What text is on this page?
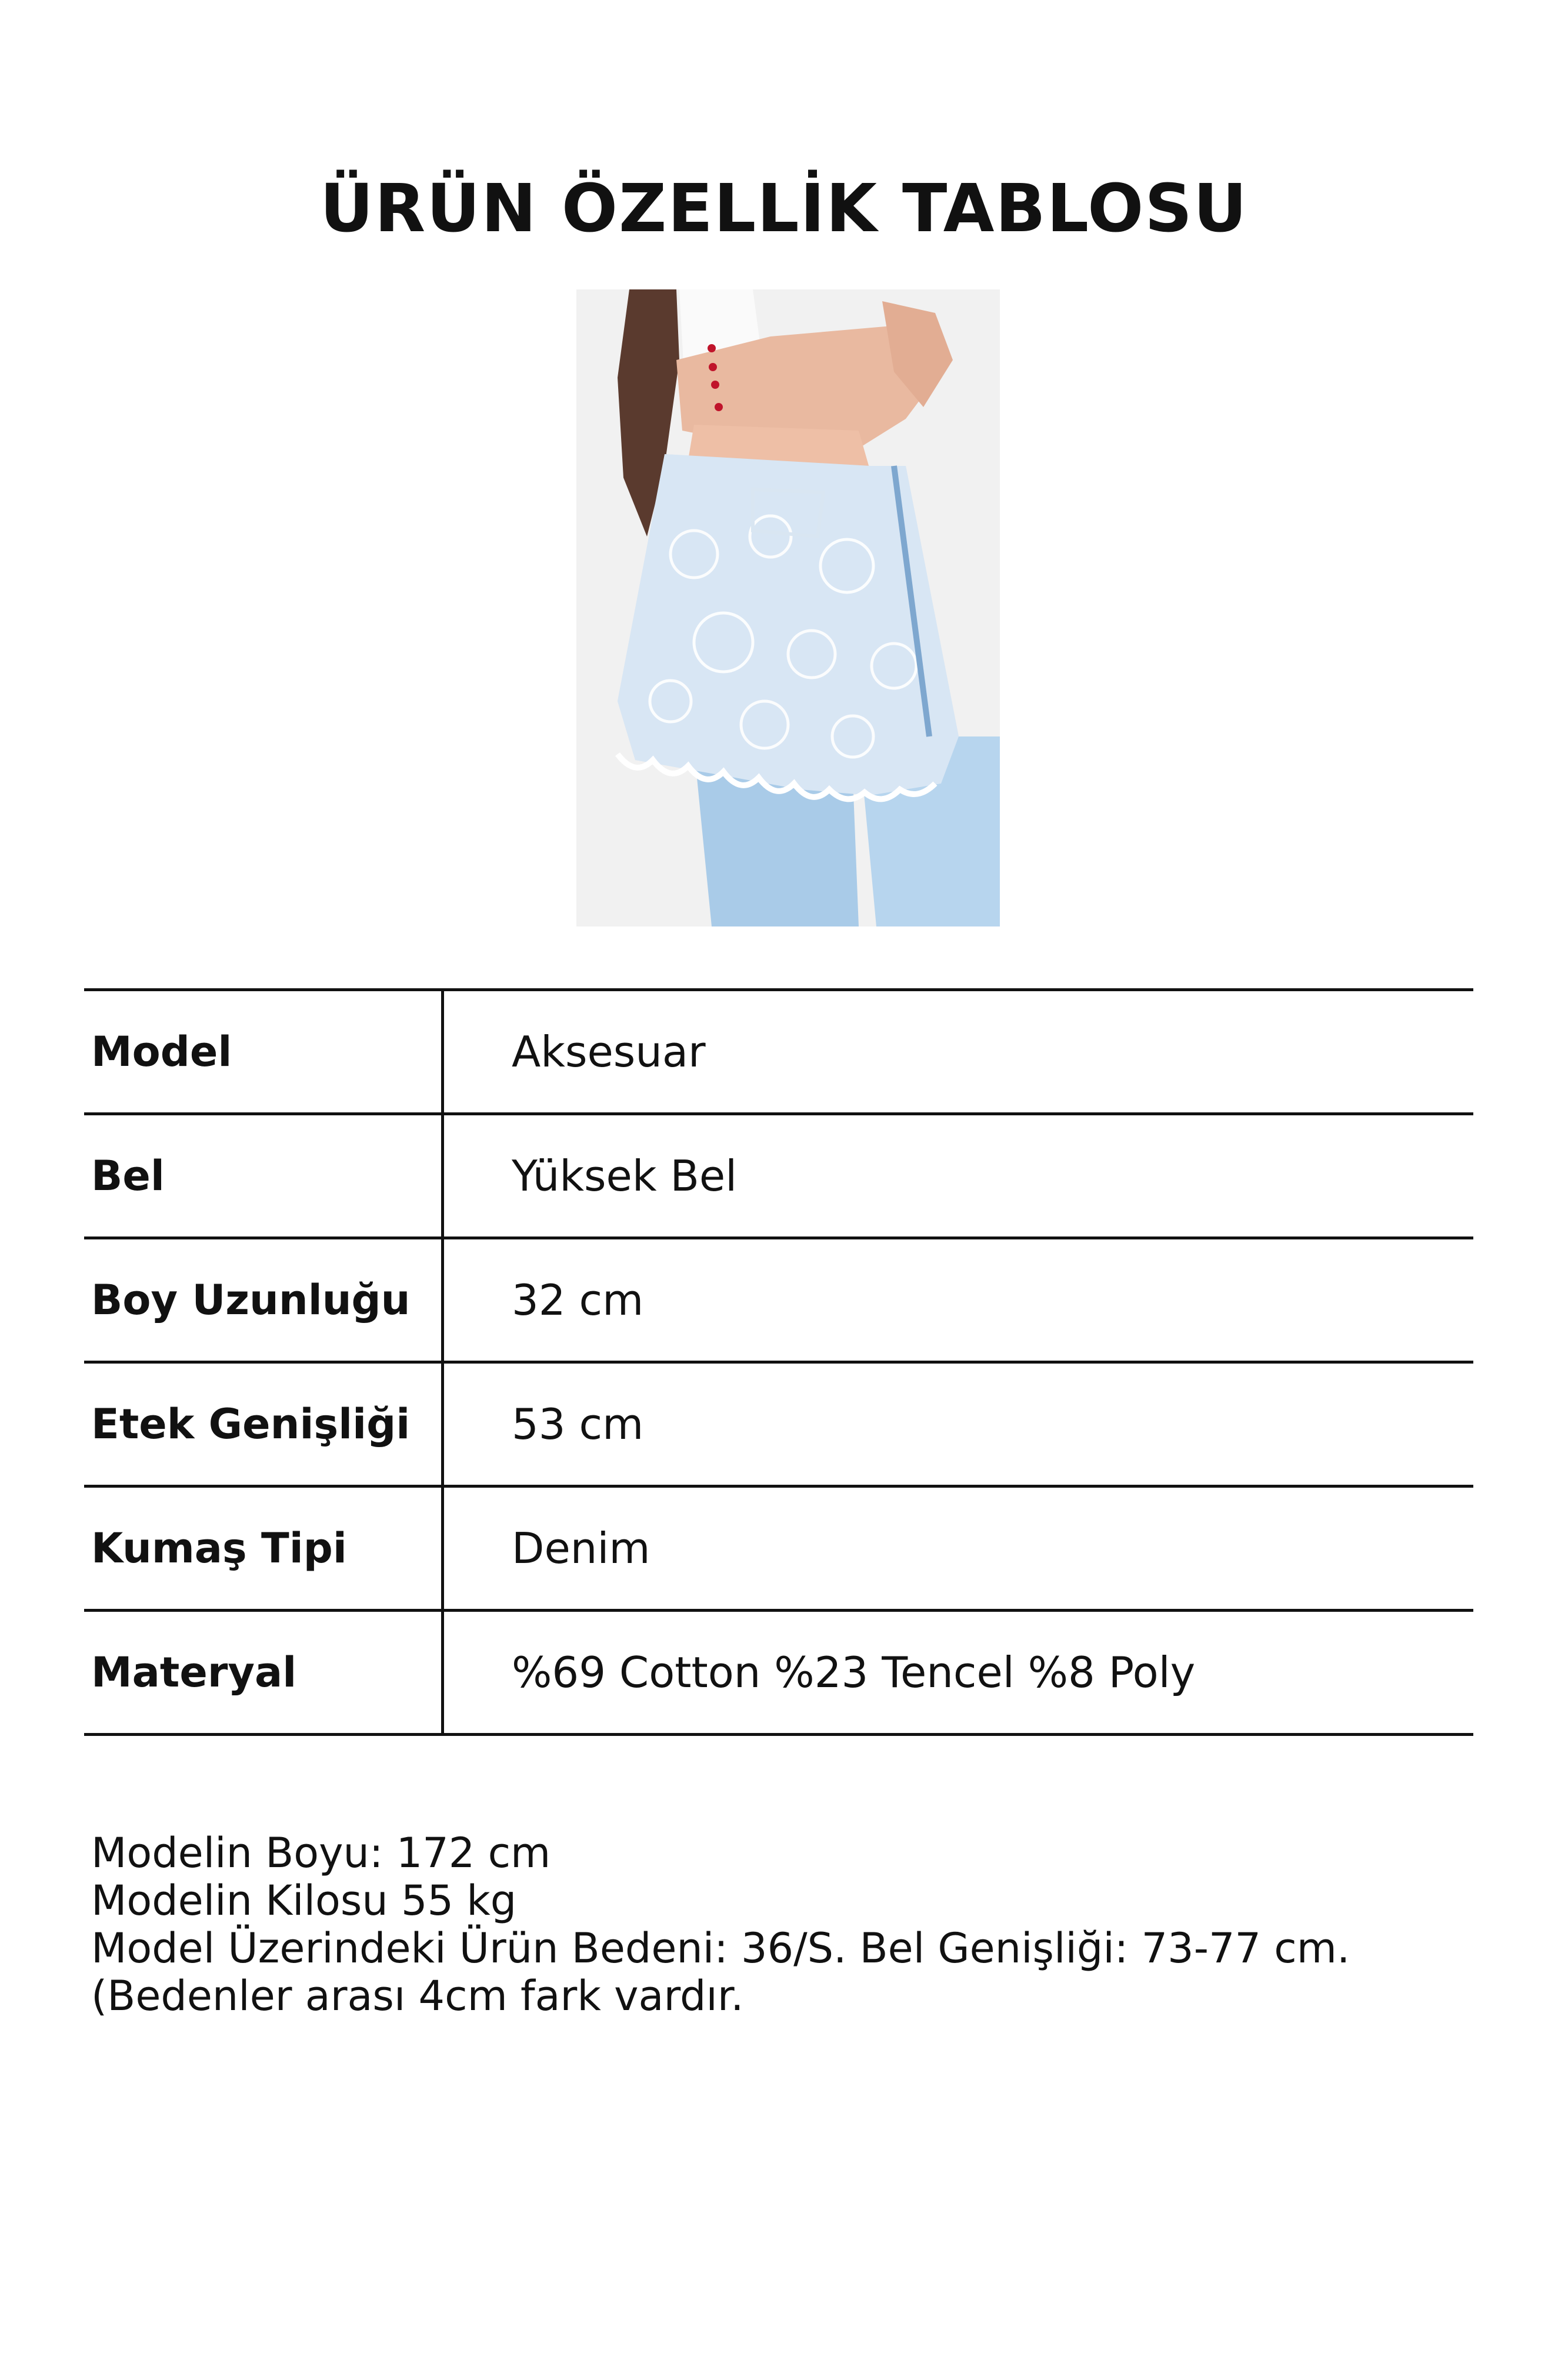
ÜRÜN ÖZELLİK TABLOSU
Model	Aksesuar
Bel	Yüksek Bel
Boy Uzunluğu	32 cm
Etek Genişliği	53 cm
Kumaş Tipi	Denim
Materyal	%69 Cotton %23 Tencel %8 Poly
Modelin Boyu: 172 cm
Modelin Kilosu 55 kg
Model Üzerindeki Ürün Bedeni: 36/S. Bel Genişliği: 73-77 cm. (Bedenler arası 4cm fark vardır.
